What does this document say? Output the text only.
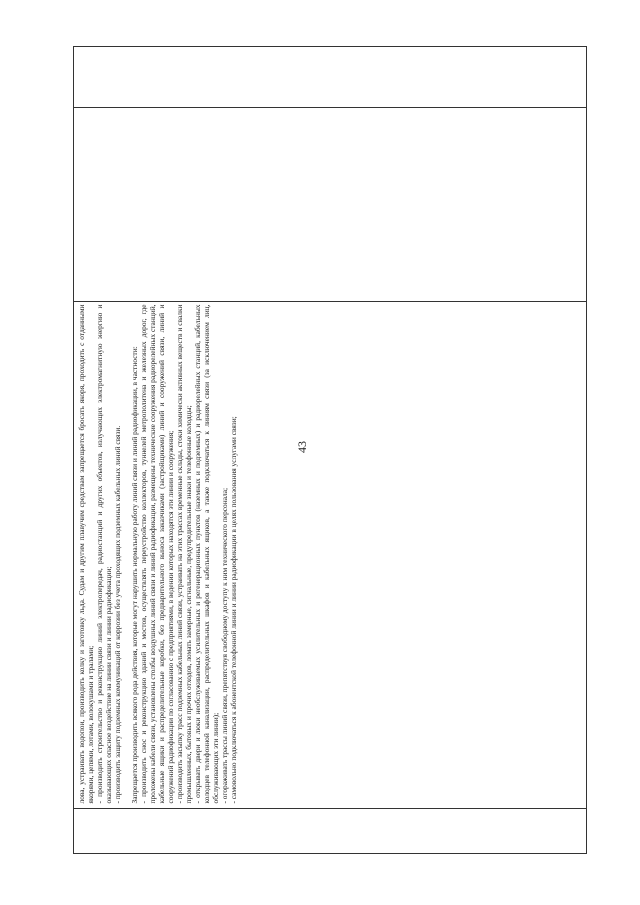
43

лова, устраивать водопои, производить колку и заготовку льда. Судам и другим плавучим средствам запрещается бросать якоря, проходить с отданными якорями, цепями, лотами, волокушами и тралами; - производить строительство и реконструкцию линий электропередач, радиостанций и других объектов, излучающих электромагнитную энергию и оказывающих опасное воздействие на линии связи и линии радиофикации; - производить защиту подземных коммуникаций от коррозии без учета проходящих подземных кабельных линий связи. Запрещается производить всякого рода действия, которые могут нарушить нормальную работу линий связи и линий радиофикации, в частности: - производить снос и реконструкцию зданий и мостов, осуществлять переустройство коллекторов, туннелей метрополитена и железных дорог, где проложены кабели связи, установлены столбы воздушных линий связи и линий радиофикации, размещены технические сооружения радиорелейных станций, кабельные ящики и распределительные коробки, без предварительного выноса заказчиками (застройщиками) линий и сооружений связи, линий и сооружений радиофикации по согласованию с предприятиями, в ведении которых находятся эти линии и сооружения; - производить засыпку трасс подземных кабельных линий связи, устраивать на этих трассах временные склады, стоки химически активных веществ и свалки промышленных, бытовых и прочих отходов, ломать замерные, сигнальные, предупредительные знаки и телефонные колодцы; - открывать двери и люки необслуживаемых усилительных и регенерационных пунктов (наземных и подземных) и радиорелейных станций, кабельных колодцев телефонной канализации, распределительных шкафов и кабельных ящиков, а также подключаться к линиям связи (за исключением лиц, обслуживающих эти линии); - огораживать трассы линий связи, препятствуя свободному доступу к ним технического персонала; - самовольно подключаться к абонентской телефонной линии и линии радиофикации в целях пользования услугами связи;
